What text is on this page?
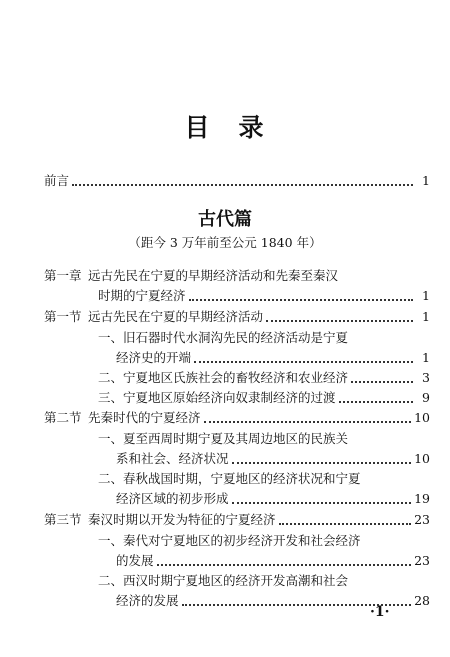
目　录
前言	1
古代篇
（距今 3 万年前至公元 1840 年）
第一章 远古先民在宁夏的早期经济活动和先秦至秦汉
时期的宁夏经济	1
第一节 远古先民在宁夏的早期经济活动	1
一、旧石器时代水洞沟先民的经济活动是宁夏
经济史的开端	1
二、宁夏地区氏族社会的畜牧经济和农业经济	3
三、宁夏地区原始经济向奴隶制经济的过渡	9
第二节 先秦时代的宁夏经济	10
一、夏至西周时期宁夏及其周边地区的民族关
系和社会、经济状况	10
二、春秋战国时期，宁夏地区的经济状况和宁夏
经济区域的初步形成	19
第三节 秦汉时期以开发为特征的宁夏经济	23
一、秦代对宁夏地区的初步经济开发和社会经济
的发展	23
二、西汉时期宁夏地区的经济开发高潮和社会
经济的发展	28
·1·
